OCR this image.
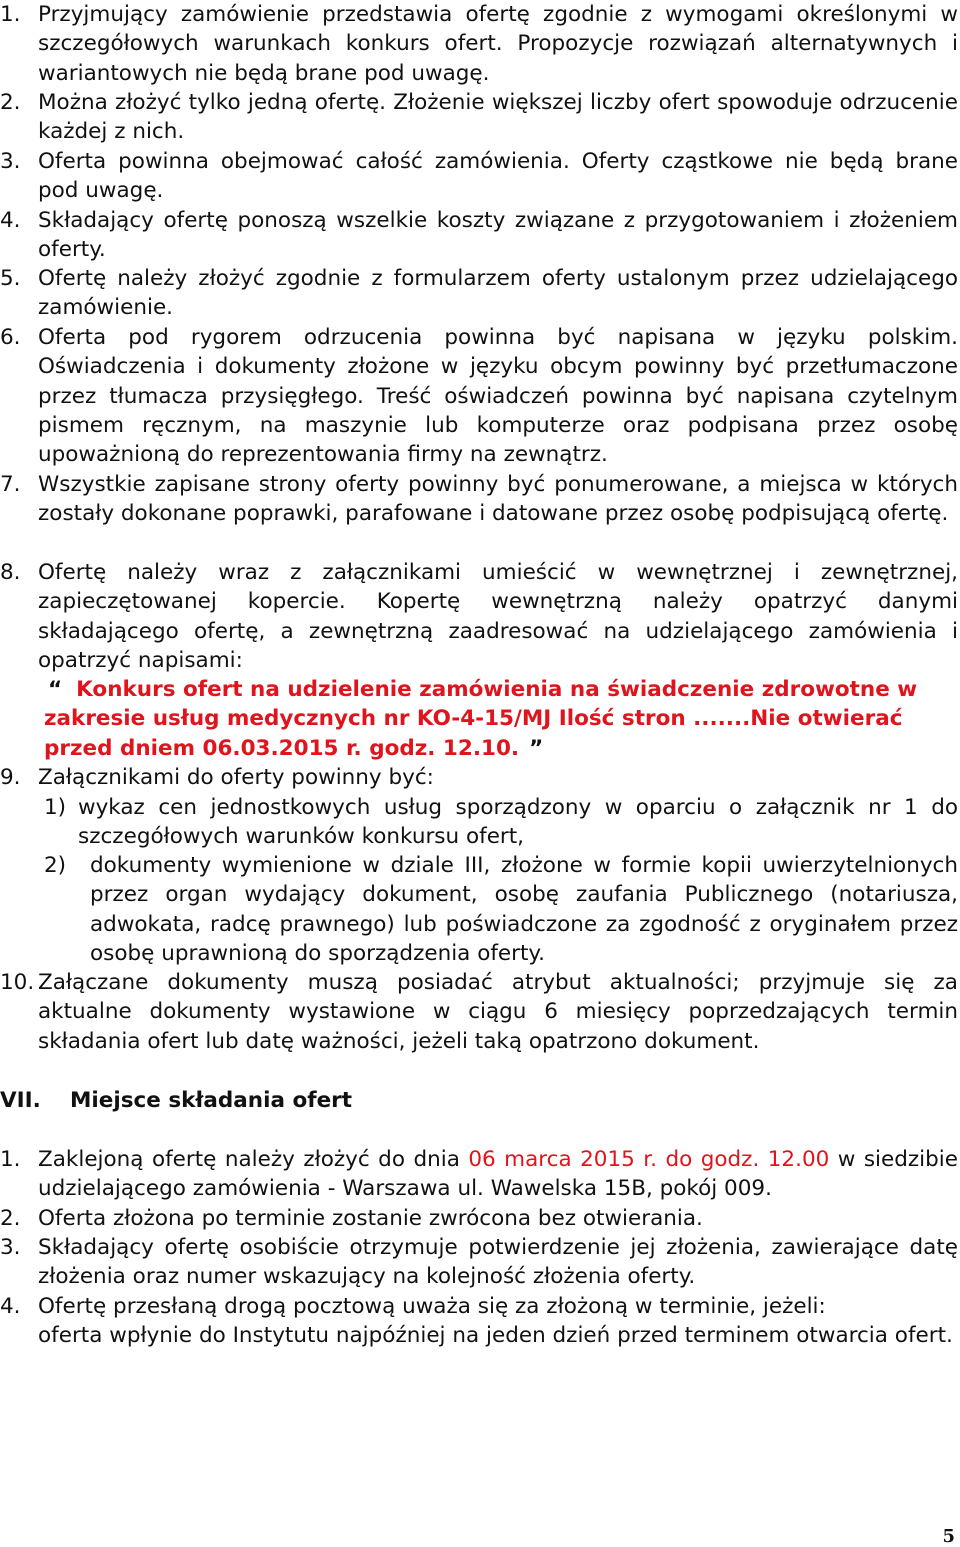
1. Przyjmujący zamówienie przedstawia ofertę zgodnie z wymogami określonymi w szczegółowych warunkach konkurs ofert. Propozycje rozwiązań alternatywnych i wariantowych nie będą brane pod uwagę.
2. Można złożyć tylko jedną ofertę. Złożenie większej liczby ofert spowoduje odrzucenie każdej z nich.
3. Oferta powinna obejmować całość zamówienia. Oferty cząstkowe nie będą brane pod uwagę.
4. Składający ofertę ponoszą wszelkie koszty związane z przygotowaniem i złożeniem oferty.
5. Ofertę należy złożyć zgodnie z formularzem oferty ustalonym przez udzielającego zamówienie.
6. Oferta pod rygorem odrzucenia powinna być napisana w języku polskim. Oświadczenia i dokumenty złożone w języku obcym powinny być przetłumaczone przez tłumacza przysięgłego. Treść oświadczeń powinna być napisana czytelnym pismem ręcznym, na maszynie lub komputerze oraz podpisana przez osobę upoważnioną do reprezentowania firmy na zewnątrz.
7. Wszystkie zapisane strony oferty powinny być ponumerowane, a miejsca w których zostały dokonane poprawki, parafowane i datowane przez osobę podpisującą ofertę.
8. Ofertę należy wraz z załącznikami umieścić w wewnętrznej i zewnętrznej, zapieczętowanej kopercie. Kopertę wewnętrzną należy opatrzyć danymi składającego ofertę, a zewnętrzną zaadresować na udzielającego zamówienia i opatrzyć napisami:
“ Konkurs ofert na udzielenie zamówienia na świadczenie zdrowotne w
zakresie usług medycznych nr KO-4-15/MJ Ilość stron .......Nie otwierać
przed dniem 06.03.2015 r. godz. 12.10. ”
9. Załącznikami do oferty powinny być:
1) wykaz cen jednostkowych usług sporządzony w oparciu o załącznik nr 1 do szczegółowych warunków konkursu ofert,
2) dokumenty wymienione w dziale III, złożone w formie kopii uwierzytelnionych przez organ wydający dokument, osobę zaufania Publicznego (notariusza, adwokata, radcę prawnego) lub poświadczone za zgodność z oryginałem przez osobę uprawnioną do sporządzenia oferty.
10. Załączane dokumenty muszą posiadać atrybut aktualności; przyjmuje się za aktualne dokumenty wystawione w ciągu 6 miesięcy poprzedzających termin składania ofert lub datę ważności, jeżeli taką opatrzono dokument.
VII. Miejsce składania ofert
1. Zaklejoną ofertę należy złożyć do dnia 06 marca 2015 r. do godz. 12.00 w siedzibie udzielającego zamówienia - Warszawa ul. Wawelska 15B, pokój 009.
2. Oferta złożona po terminie zostanie zwrócona bez otwierania.
3. Składający ofertę osobiście otrzymuje potwierdzenie jej złożenia, zawierające datę złożenia oraz numer wskazujący na kolejność złożenia oferty.
4. Ofertę przesłaną drogą pocztową uważa się za złożoną w terminie, jeżeli:
oferta wpłynie do Instytutu najpóźniej na jeden dzień przed terminem otwarcia ofert.
5
